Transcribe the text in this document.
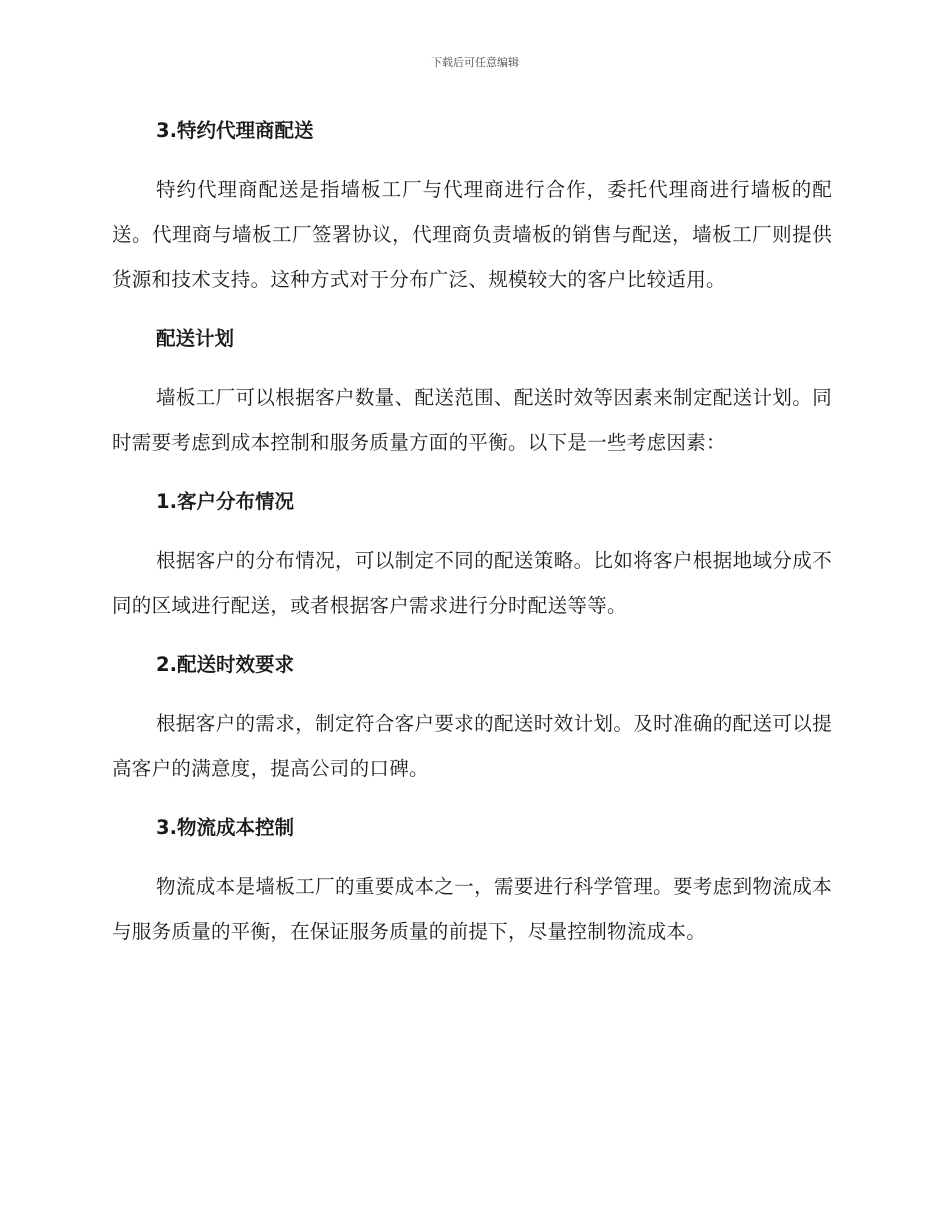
下载后可任意编辑
3.特约代理商配送
特约代理商配送是指墙板工厂与代理商进行合作，委托代理商进行墙板的配送。代理商与墙板工厂签署协议，代理商负责墙板的销售与配送，墙板工厂则提供货源和技术支持。这种方式对于分布广泛、规模较大的客户比较适用。
配送计划
墙板工厂可以根据客户数量、配送范围、配送时效等因素来制定配送计划。同时需要考虑到成本控制和服务质量方面的平衡。以下是一些考虑因素：
1.客户分布情况
根据客户的分布情况，可以制定不同的配送策略。比如将客户根据地域分成不同的区域进行配送，或者根据客户需求进行分时配送等等。
2.配送时效要求
根据客户的需求，制定符合客户要求的配送时效计划。及时准确的配送可以提高客户的满意度，提高公司的口碑。
3.物流成本控制
物流成本是墙板工厂的重要成本之一，需要进行科学管理。要考虑到物流成本与服务质量的平衡，在保证服务质量的前提下，尽量控制物流成本。
